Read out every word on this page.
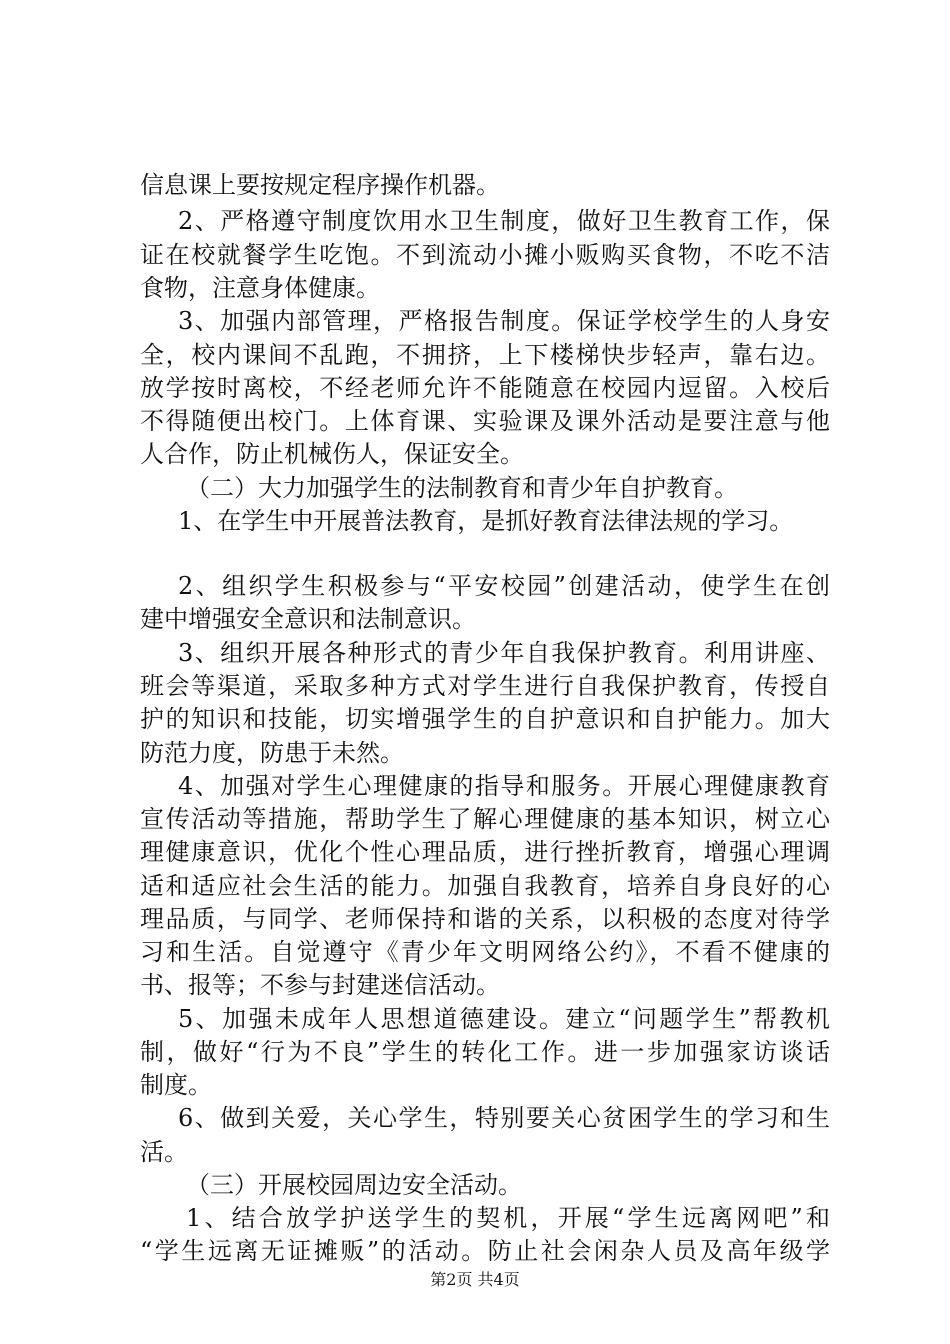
信息课上要按规定程序操作机器。
2、严格遵守制度饮用水卫生制度，做好卫生教育工作，保
证在校就餐学生吃饱。不到流动小摊小贩购买食物，不吃不洁
食物，注意身体健康。
3、加强内部管理，严格报告制度。保证学校学生的人身安
全，校内课间不乱跑，不拥挤，上下楼梯快步轻声，靠右边。
放学按时离校，不经老师允许不能随意在校园内逗留。入校后
不得随便出校门。上体育课、实验课及课外活动是要注意与他
人合作，防止机械伤人，保证安全。
（二）大力加强学生的法制教育和青少年自护教育。
1、在学生中开展普法教育，是抓好教育法律法规的学习。
2、组织学生积极参与“平安校园”创建活动，使学生在创
建中增强安全意识和法制意识。
3、组织开展各种形式的青少年自我保护教育。利用讲座、
班会等渠道，采取多种方式对学生进行自我保护教育，传授自
护的知识和技能，切实增强学生的自护意识和自护能力。加大
防范力度，防患于未然。
4、加强对学生心理健康的指导和服务。开展心理健康教育
宣传活动等措施，帮助学生了解心理健康的基本知识，树立心
理健康意识，优化个性心理品质，进行挫折教育，增强心理调
适和适应社会生活的能力。加强自我教育，培养自身良好的心
理品质，与同学、老师保持和谐的关系，以积极的态度对待学
习和生活。自觉遵守《青少年文明网络公约》，不看不健康的
书、报等；不参与封建迷信活动。
5、加强未成年人思想道德建设。建立“问题学生”帮教机
制，做好“行为不良”学生的转化工作。进一步加强家访谈话
制度。
6、做到关爱，关心学生，特别要关心贫困学生的学习和生
活。
（三）开展校园周边安全活动。
1、结合放学护送学生的契机，开展“学生远离网吧”和
“学生远离无证摊贩”的活动。防止社会闲杂人员及高年级学
第2页 共4页
